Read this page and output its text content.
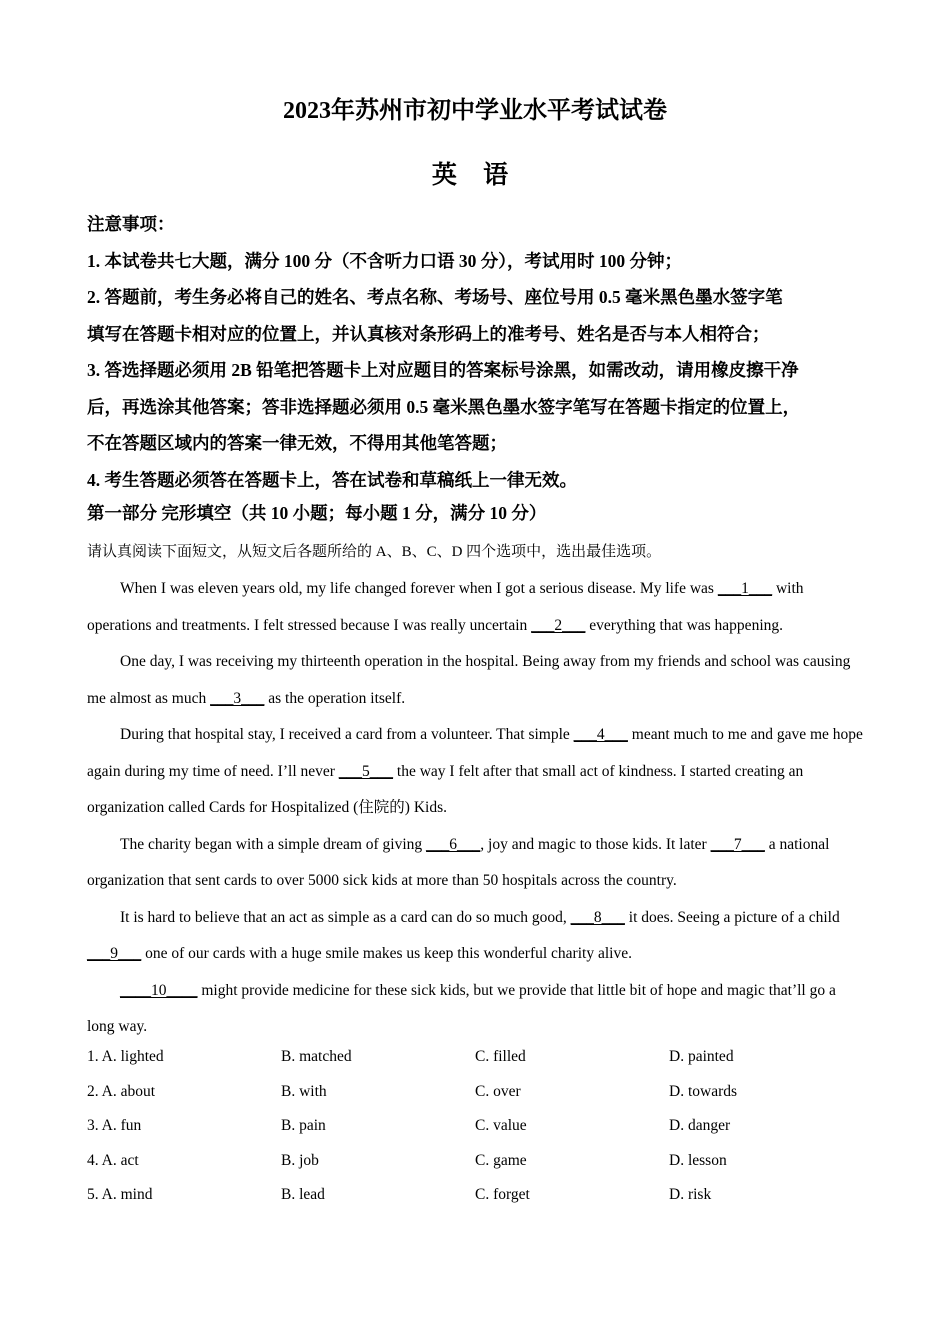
2023年苏州市初中学业水平考试试卷
英 语
注意事项：
1. 本试卷共七大题，满分 100 分（不含听力口语 30 分），考试用时 100 分钟；
2. 答题前，考生务必将自己的姓名、考点名称、考场号、座位号用 0.5 毫米黑色墨水签字笔
填写在答题卡相对应的位置上，并认真核对条形码上的准考号、姓名是否与本人相符合；
3. 答选择题必须用 2B 铅笔把答题卡上对应题目的答案标号涂黑，如需改动，请用橡皮擦干净
后，再选涂其他答案；答非选择题必须用 0.5 毫米黑色墨水签字笔写在答题卡指定的位置上，
不在答题区域内的答案一律无效，不得用其他笔答题；
4. 考生答题必须答在答题卡上，答在试卷和草稿纸上一律无效。
第一部分 完形填空（共 10 小题；每小题 1 分，满分 10 分）
请认真阅读下面短文，从短文后各题所给的 A、B、C、D 四个选项中，选出最佳选项。

When I was eleven years old, my life changed forever when I got a serious disease. My life was ___1___ with operations and treatments. I felt stressed because I was really uncertain ___2___ everything that was happening.

One day, I was receiving my thirteenth operation in the hospital. Being away from my friends and school was causing me almost as much ___3___ as the operation itself.

During that hospital stay, I received a card from a volunteer. That simple ___4___ meant much to me and gave me hope again during my time of need. I’ll never ___5___ the way I felt after that small act of kindness. I started creating an organization called Cards for Hospitalized (住院的) Kids.

The charity began with a simple dream of giving ___6___, joy and magic to those kids. It later ___7___ a national organization that sent cards to over 5000 sick kids at more than 50 hospitals across the country.

It is hard to believe that an act as simple as a card can do so much good, ___8___ it does. Seeing a picture of a child ___9___ one of our cards with a huge smile makes us keep this wonderful charity alive.

____10____ might provide medicine for these sick kids, but we provide that little bit of hope and magic that’ll go a long way.

1. A. lighted	B. matched	C. filled	D. painted
2. A. about	B. with	C. over	D. towards
3. A. fun	B. pain	C. value	D. danger
4. A. act	B. job	C. game	D. lesson
5. A. mind	B. lead	C. forget	D. risk
